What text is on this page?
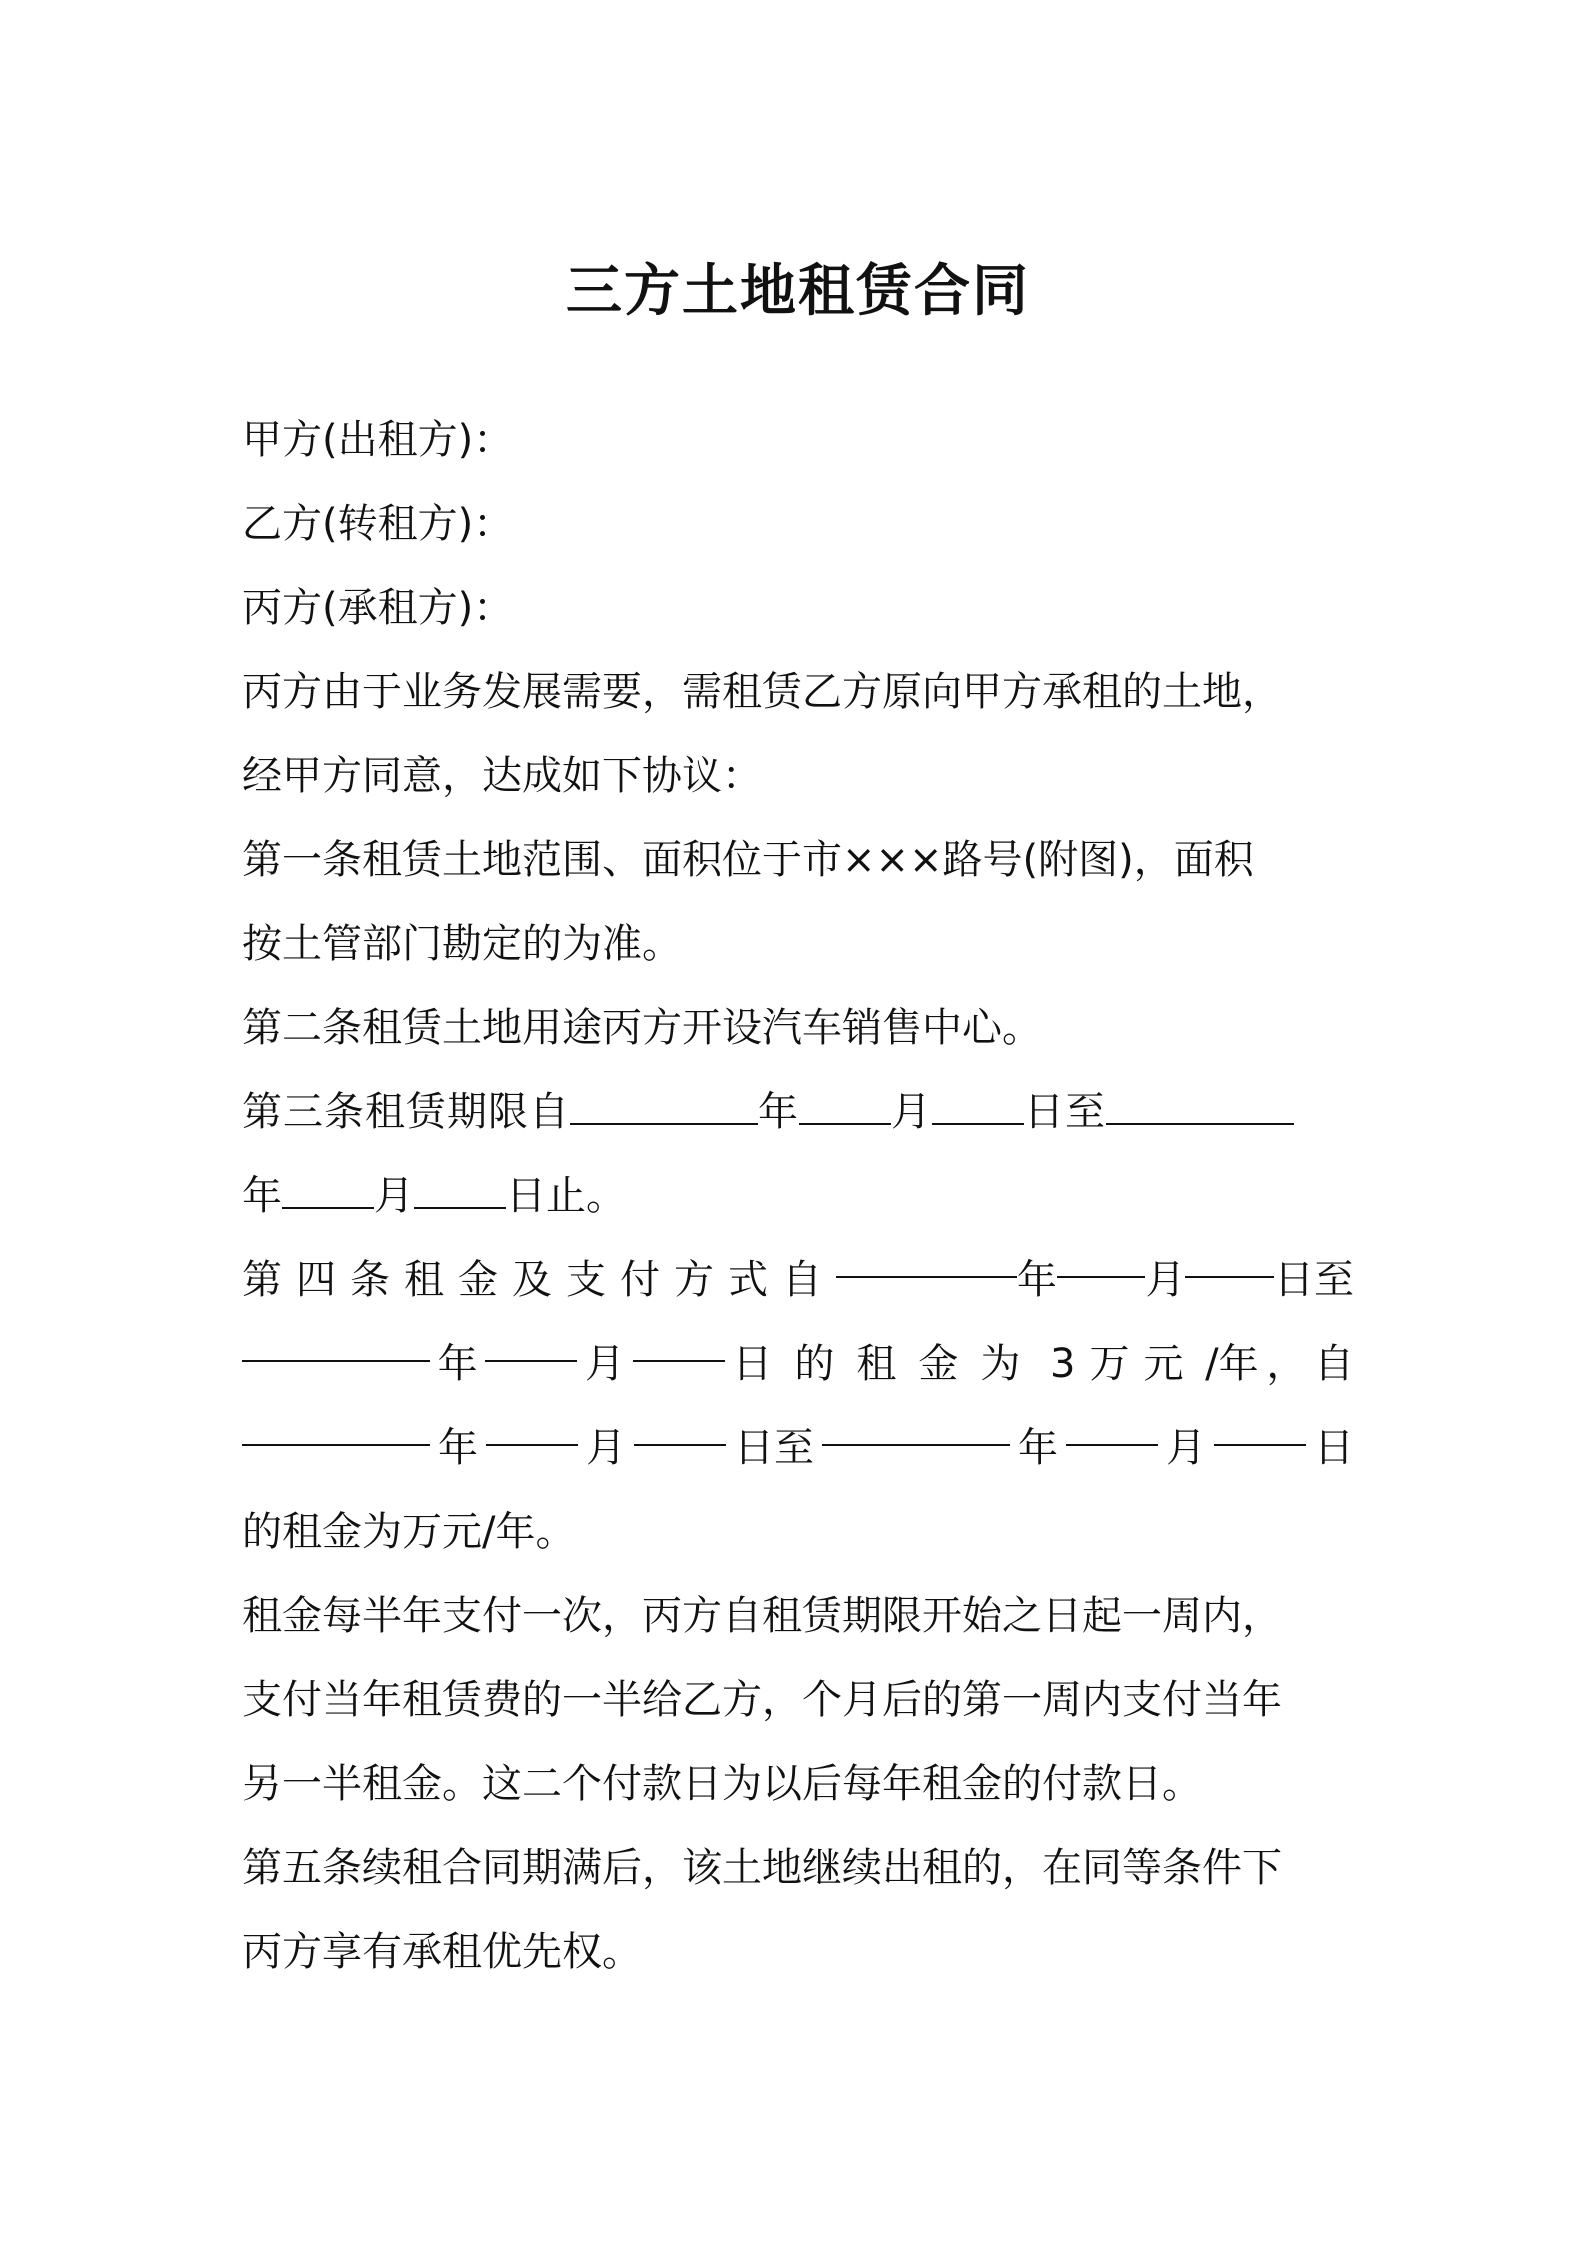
三方土地租赁合同
甲方(出租方)：
乙方(转租方)：
丙方(承租方)：
丙方由于业务发展需要，需租赁乙方原向甲方承租的土地，
经甲方同意，达成如下协议：
第一条租赁土地范围、面积位于市×××路号(附图)，面积
按土管部门勘定的为准。
第二条租赁土地用途丙方开设汽车销售中心。
第三条租赁期限自	年 月 日至
年 月 日止。
第四条租金及支付方式自	年 月 日至
年	月	日的租金为 3万元 /年 ， 自
年	月	日至	年	月	日
的租金为万元/年。
租金每半年支付一次，丙方自租赁期限开始之日起一周内，
支付当年租赁费的一半给乙方，个月后的第一周内支付当年
另一半租金。这二个付款日为以后每年租金的付款日。
第五条续租合同期满后，该土地继续出租的，在同等条件下
丙方享有承租优先权。
